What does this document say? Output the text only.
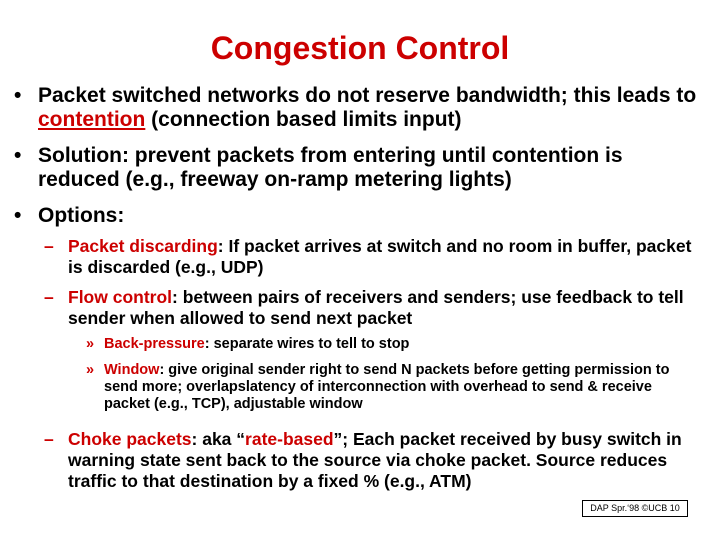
Congestion Control
• Packet switched networks do not reserve bandwidth; this leads to contention (connection based limits input)
• Solution: prevent packets from entering until contention is reduced (e.g., freeway on-ramp metering lights)
• Options:
– Packet discarding: If packet arrives at switch and no room in buffer, packet is discarded (e.g., UDP)
– Flow control: between pairs of receivers and senders; use feedback to tell sender when allowed to send next packet
» Back-pressure: separate wires to tell to stop
» Window: give original sender right to send N packets before getting permission to send more; overlapslatency of interconnection with overhead to send & receive packet (e.g., TCP), adjustable window
– Choke packets: aka “rate-based”; Each packet received by busy switch in warning state sent back to the source via choke packet. Source reduces traffic to that destination by a fixed % (e.g., ATM)
DAP Spr.‘98 ©UCB 10
